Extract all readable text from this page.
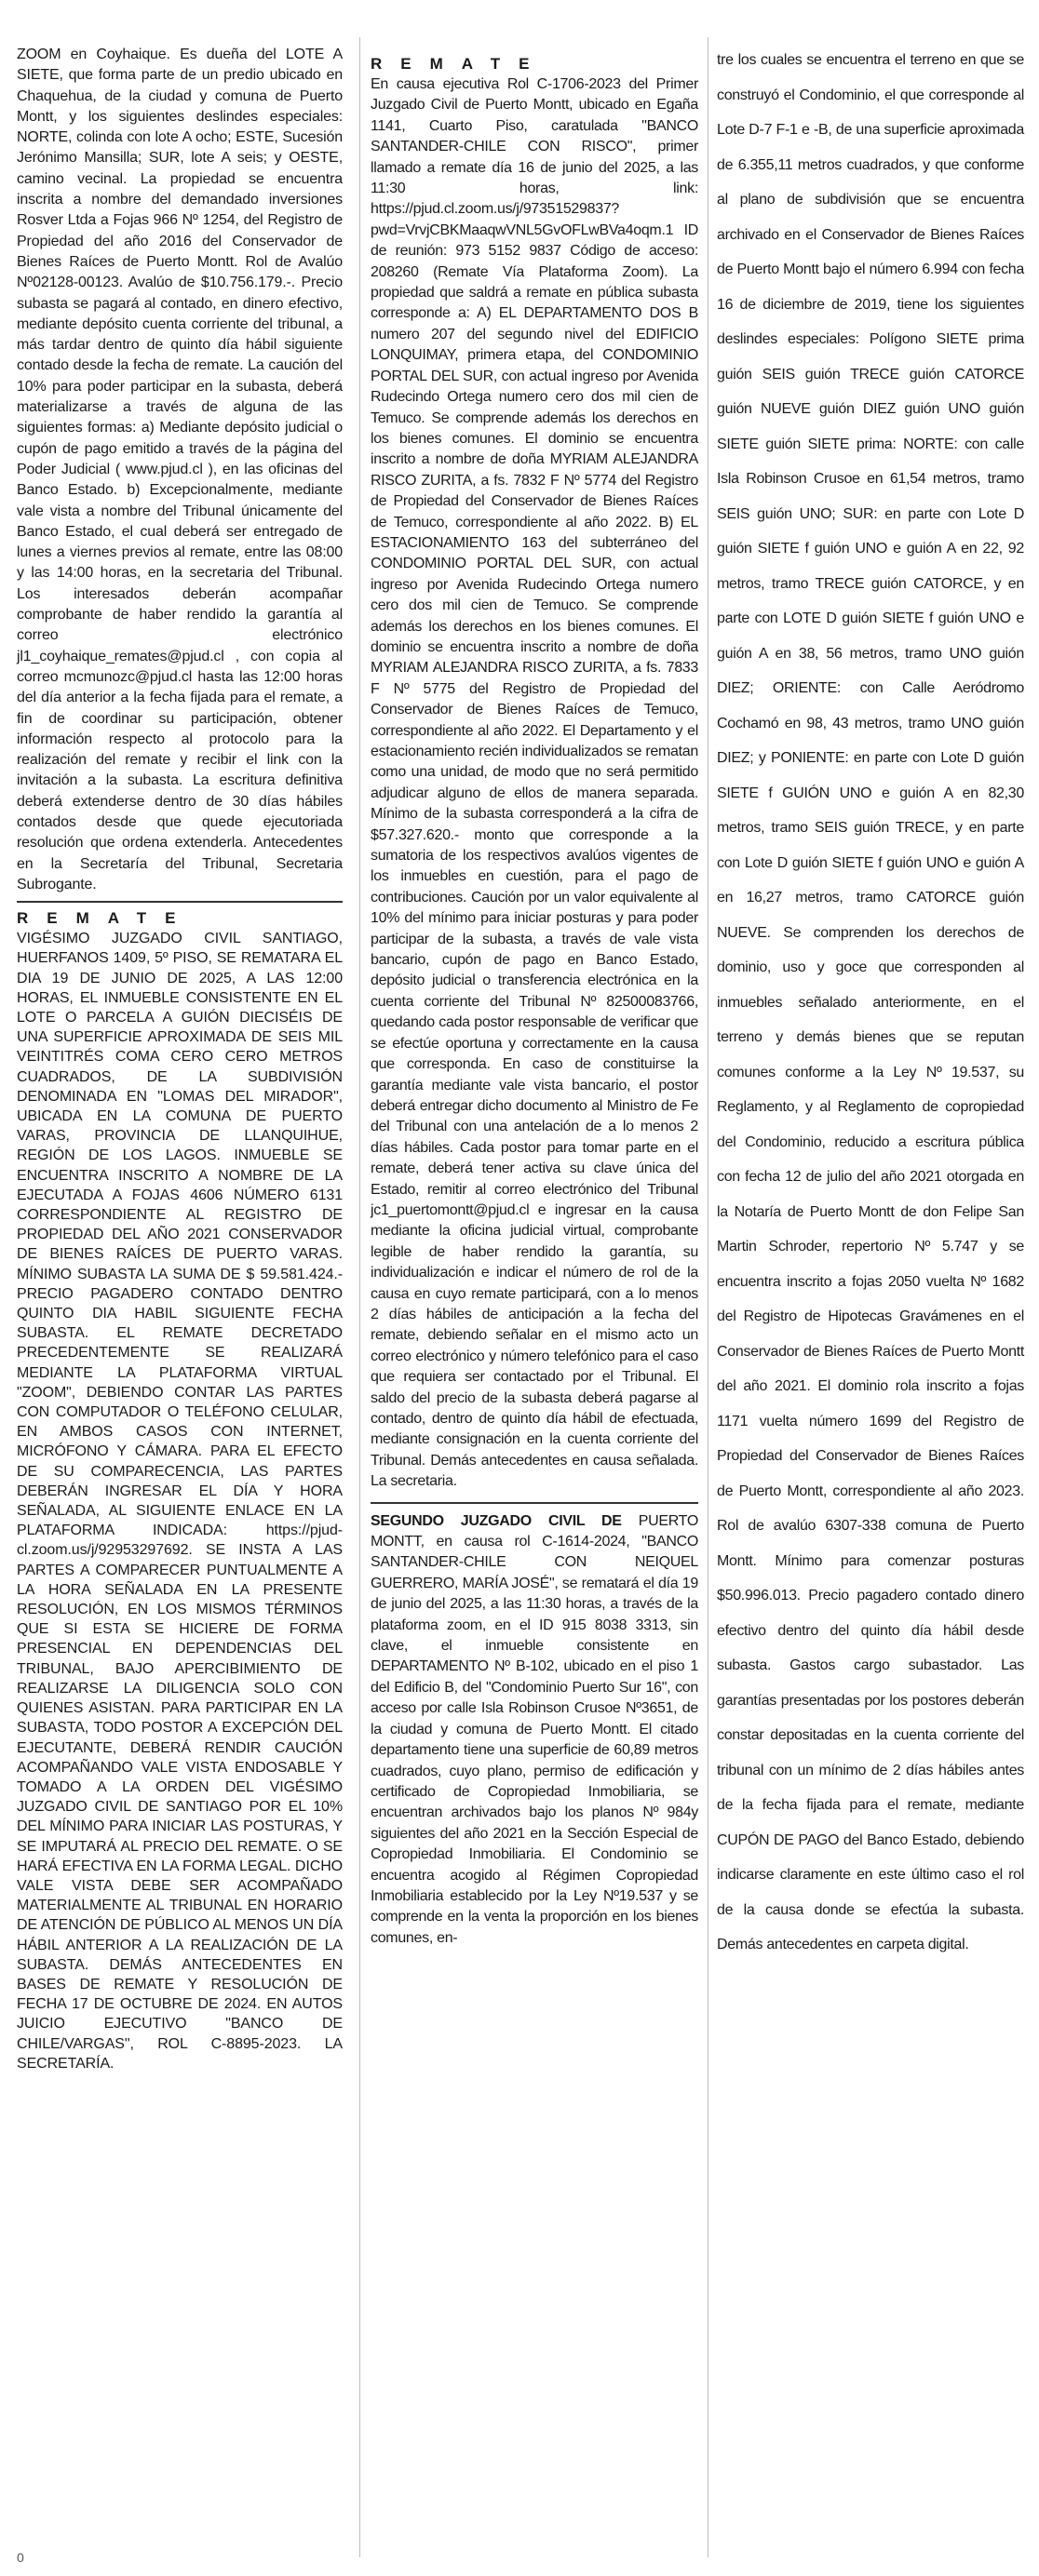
ZOOM en Coyhaique. Es dueña del LOTE A SIETE, que forma parte de un predio ubicado en Chaquehua, de la ciudad y comuna de Puerto Montt, y los siguientes deslindes especiales: NORTE, colinda con lote A ocho; ESTE, Sucesión Jerónimo Mansilla; SUR, lote A seis; y OESTE, camino vecinal. La propiedad se encuentra inscrita a nombre del demandado inversiones Rosver Ltda a Fojas 966 Nº 1254, del Registro de Propiedad del año 2016 del Conservador de Bienes Raíces de Puerto Montt. Rol de Avalúo Nº02128-00123. Avalúo de $10.756.179.-. Precio subasta se pagará al contado, en dinero efectivo, mediante depósito cuenta corriente del tribunal, a más tardar dentro de quinto día hábil siguiente contado desde la fecha de remate. La caución del 10% para poder participar en la subasta, deberá materializarse a través de alguna de las siguientes formas: a) Mediante depósito judicial o cupón de pago emitido a través de la página del Poder Judicial ( www.pjud.cl ), en las oficinas del Banco Estado. b) Excepcionalmente, mediante vale vista a nombre del Tribunal únicamente del Banco Estado, el cual deberá ser entregado de lunes a viernes previos al remate, entre las 08:00 y las 14:00 horas, en la secretaria del Tribunal. Los interesados deberán acompañar comprobante de haber rendido la garantía al correo electrónico jl1_coyhaique_remates@pjud.cl , con copia al correo mcmunozc@pjud.cl hasta las 12:00 horas del día anterior a la fecha fijada para el remate, a fin de coordinar su participación, obtener información respecto al protocolo para la realización del remate y recibir el link con la invitación a la subasta. La escritura definitiva deberá extenderse dentro de 30 días hábiles contados desde que quede ejecutoriada resolución que ordena extenderla. Antecedentes en la Secretaría del Tribunal, Secretaria Subrogante.

REMATE

VIGÉSIMO JUZGADO CIVIL SANTIAGO, HUERFANOS 1409, 5º PISO, SE REMATARA EL DIA 19 DE JUNIO DE 2025, A LAS 12:00 HORAS, EL INMUEBLE CONSISTENTE EN EL LOTE O PARCELA A GUIÓN DIECISÉIS DE UNA SUPERFICIE APROXIMADA DE SEIS MIL VEINTITRÉS COMA CERO CERO METROS CUADRADOS, DE LA SUBDIVISIÓN DENOMINADA EN "LOMAS DEL MIRADOR", UBICADA EN LA COMUNA DE PUERTO VARAS, PROVINCIA DE LLANQUIHUE, REGIÓN DE LOS LAGOS. INMUEBLE SE ENCUENTRA INSCRITO A NOMBRE DE LA EJECUTADA A FOJAS 4606 NÚMERO 6131 CORRESPONDIENTE AL REGISTRO DE PROPIEDAD DEL AÑO 2021 CONSERVADOR DE BIENES RAÍCES DE PUERTO VARAS. MÍNIMO SUBASTA LA SUMA DE $ 59.581.424.- PRECIO PAGADERO CONTADO DENTRO QUINTO DIA HABIL SIGUIENTE FECHA SUBASTA. EL REMATE DECRETADO PRECEDENTEMENTE SE REALIZARÁ MEDIANTE LA PLATAFORMA VIRTUAL "ZOOM", DEBIENDO CONTAR LAS PARTES CON COMPUTADOR O TELÉFONO CELULAR, EN AMBOS CASOS CON INTERNET, MICRÓFONO Y CÁMARA. PARA EL EFECTO DE SU COMPARECENCIA, LAS PARTES DEBERÁN INGRESAR EL DÍA Y HORA SEÑALADA, AL SIGUIENTE ENLACE EN LA PLATAFORMA INDICADA: https://pjud-cl.zoom.us/j/92953297692. SE INSTA A LAS PARTES A COMPARECER PUNTUALMENTE A LA HORA SEÑALADA EN LA PRESENTE RESOLUCIÓN, EN LOS MISMOS TÉRMINOS QUE SI ESTA SE HICIERE DE FORMA PRESENCIAL EN DEPENDENCIAS DEL TRIBUNAL, BAJO APERCIBIMIENTO DE REALIZARSE LA DILIGENCIA SOLO CON QUIENES ASISTAN. PARA PARTICIPAR EN LA SUBASTA, TODO POSTOR A EXCEPCIÓN DEL EJECUTANTE, DEBERÁ RENDIR CAUCIÓN ACOMPAÑANDO VALE VISTA ENDOSABLE Y TOMADO A LA ORDEN DEL VIGÉSIMO JUZGADO CIVIL DE SANTIAGO POR EL 10% DEL MÍNIMO PARA INICIAR LAS POSTURAS, Y SE IMPUTARÁ AL PRECIO DEL REMATE. O SE HARÁ EFECTIVA EN LA FORMA LEGAL. DICHO VALE VISTA DEBE SER ACOMPAÑADO MATERIALMENTE AL TRIBUNAL EN HORARIO DE ATENCIÓN DE PÚBLICO AL MENOS UN DÍA HÁBIL ANTERIOR A LA REALIZACIÓN DE LA SUBASTA. DEMÁS ANTECEDENTES EN BASES DE REMATE Y RESOLUCIÓN DE FECHA 17 DE OCTUBRE DE 2024. EN AUTOS JUICIO EJECUTIVO "BANCO DE CHILE/VARGAS", ROL C-8895-2023. LA SECRETARÍA.

REMATE

En causa ejecutiva Rol C-1706-2023 del Primer Juzgado Civil de Puerto Montt, ubicado en Egaña 1141, Cuarto Piso, caratulada "BANCO SANTANDER-CHILE CON RISCO", primer llamado a remate día 16 de junio del 2025, a las 11:30 horas, link: https://pjud.cl.zoom.us/j/97351529837?pwd=VrvjCBKMaaqwVNL5GvOFLwBVa4oqm.1 ID de reunión: 973 5152 9837 Código de acceso: 208260 (Remate Vía Plataforma Zoom). La propiedad que saldrá a remate en pública subasta corresponde a: A) EL DEPARTAMENTO DOS B numero 207 del segundo nivel del EDIFICIO LONQUIMAY, primera etapa, del CONDOMINIO PORTAL DEL SUR, con actual ingreso por Avenida Rudecindo Ortega numero cero dos mil cien de Temuco. Se comprende además los derechos en los bienes comunes. El dominio se encuentra inscrito a nombre de doña MYRIAM ALEJANDRA RISCO ZURITA, a fs. 7832 F Nº 5774 del Registro de Propiedad del Conservador de Bienes Raíces de Temuco, correspondiente al año 2022. B) EL ESTACIONAMIENTO 163 del subterráneo del CONDOMINIO PORTAL DEL SUR, con actual ingreso por Avenida Rudecindo Ortega numero cero dos mil cien de Temuco. Se comprende además los derechos en los bienes comunes. El dominio se encuentra inscrito a nombre de doña MYRIAM ALEJANDRA RISCO ZURITA, a fs. 7833 F Nº 5775 del Registro de Propiedad del Conservador de Bienes Raíces de Temuco, correspondiente al año 2022. El Departamento y el estacionamiento recién individualizados se rematan como una unidad, de modo que no será permitido adjudicar alguno de ellos de manera separada. Mínimo de la subasta corresponderá a la cifra de $57.327.620.- monto que corresponde a la sumatoria de los respectivos avalúos vigentes de los inmuebles en cuestión, para el pago de contribuciones. Caución por un valor equivalente al 10% del mínimo para iniciar posturas y para poder participar de la subasta, a través de vale vista bancario, cupón de pago en Banco Estado, depósito judicial o transferencia electrónica en la cuenta corriente del Tribunal Nº 82500083766, quedando cada postor responsable de verificar que se efectúe oportuna y correctamente en la causa que corresponda. En caso de constituirse la garantía mediante vale vista bancario, el postor deberá entregar dicho documento al Ministro de Fe del Tribunal con una antelación de a lo menos 2 días hábiles. Cada postor para tomar parte en el remate, deberá tener activa su clave única del Estado, remitir al correo electrónico del Tribunal jc1_puertomontt@pjud.cl e ingresar en la causa mediante la oficina judicial virtual, comprobante legible de haber rendido la garantía, su individualización e indicar el número de rol de la causa en cuyo remate participará, con a lo menos 2 días hábiles de anticipación a la fecha del remate, debiendo señalar en el mismo acto un correo electrónico y número telefónico para el caso que requiera ser contactado por el Tribunal. El saldo del precio de la subasta deberá pagarse al contado, dentro de quinto día hábil de efectuada, mediante consignación en la cuenta corriente del Tribunal. Demás antecedentes en causa señalada. La secretaria.

SEGUNDO JUZGADO CIVIL DE PUERTO MONTT, en causa rol C-1614-2024, "BANCO SANTANDER-CHILE CON NEIQUEL GUERRERO, MARÍA JOSÉ", se rematará el día 19 de junio del 2025, a las 11:30 horas, a través de la plataforma zoom, en el ID 915 8038 3313, sin clave, el inmueble consistente en DEPARTAMENTO Nº B-102, ubicado en el piso 1 del Edificio B, del "Condominio Puerto Sur 16", con acceso por calle Isla Robinson Crusoe Nº3651, de la ciudad y comuna de Puerto Montt. El citado departamento tiene una superficie de 60,89 metros cuadrados, cuyo plano, permiso de edificación y certificado de Copropiedad Inmobiliaria, se encuentran archivados bajo los planos Nº 984y siguientes del año 2021 en la Sección Especial de Copropiedad Inmobiliaria. El Condominio se encuentra acogido al Régimen Copropiedad Inmobiliaria establecido por la Ley Nº19.537 y se comprende en la venta la proporción en los bienes comunes, en-

tre los cuales se encuentra el terreno en que se construyó el Condominio, el que corresponde al Lote D-7 F-1 e -B, de una superficie aproximada de 6.355,11 metros cuadrados, y que conforme al plano de subdivisión que se encuentra archivado en el Conservador de Bienes Raíces de Puerto Montt bajo el número 6.994 con fecha 16 de diciembre de 2019, tiene los siguientes deslindes especiales: Polígono SIETE prima guión SEIS guión TRECE guión CATORCE guión NUEVE guión DIEZ guión UNO guión SIETE guión SIETE prima: NORTE: con calle Isla Robinson Crusoe en 61,54 metros, tramo SEIS guión UNO; SUR: en parte con Lote D guión SIETE f guión UNO e guión A en 22, 92 metros, tramo TRECE guión CATORCE, y en parte con LOTE D guión SIETE f guión UNO e guión A en 38, 56 metros, tramo UNO guión DIEZ; ORIENTE: con Calle Aeródromo Cochamó en 98, 43 metros, tramo UNO guión DIEZ; y PONIENTE: en parte con Lote D guión SIETE f GUIÓN UNO e guión A en 82,30 metros, tramo SEIS guión TRECE, y en parte con Lote D guión SIETE f guión UNO e guión A en 16,27 metros, tramo CATORCE guión NUEVE. Se comprenden los derechos de dominio, uso y goce que corresponden al inmuebles señalado anteriormente, en el terreno y demás bienes que se reputan comunes conforme a la Ley Nº 19.537, su Reglamento, y al Reglamento de copropiedad del Condominio, reducido a escritura pública con fecha 12 de julio del año 2021 otorgada en la Notaría de Puerto Montt de don Felipe San Martin Schroder, repertorio Nº 5.747 y se encuentra inscrito a fojas 2050 vuelta Nº 1682 del Registro de Hipotecas Gravámenes en el Conservador de Bienes Raíces de Puerto Montt del año 2021. El dominio rola inscrito a fojas 1171 vuelta número 1699 del Registro de Propiedad del Conservador de Bienes Raíces de Puerto Montt, correspondiente al año 2023. Rol de avalúo 6307-338 comuna de Puerto Montt. Mínimo para comenzar posturas $50.996.013. Precio pagadero contado dinero efectivo dentro del quinto día hábil desde subasta. Gastos cargo subastador. Las garantías presentadas por los postores deberán constar depositadas en la cuenta corriente del tribunal con un mínimo de 2 días hábiles antes de la fecha fijada para el remate, mediante CUPÓN DE PAGO del Banco Estado, debiendo indicarse claramente en este último caso el rol de la causa donde se efectúa la subasta. Demás antecedentes en carpeta digital.

0
